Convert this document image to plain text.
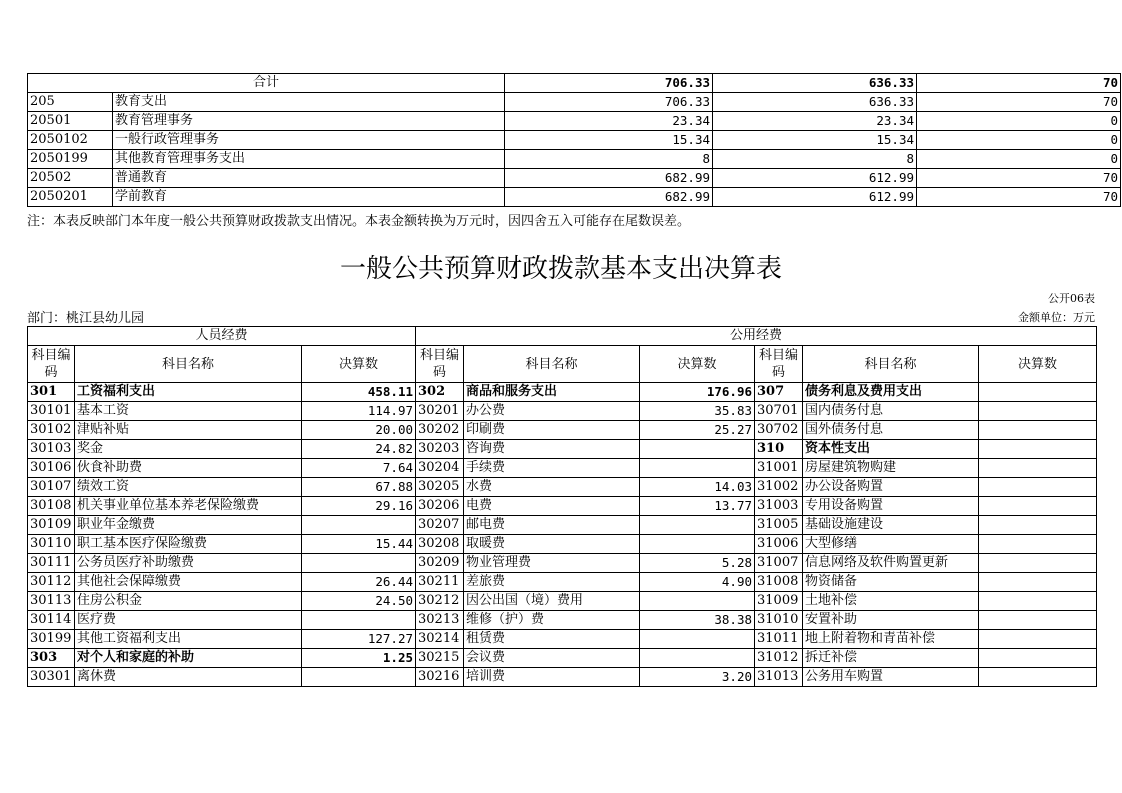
合计		706.33	636.33	70
205	教育支出	706.33	636.33	70
20501	教育管理事务	23.34	23.34	0
2050102	一般行政管理事务	15.34	15.34	0
2050199	其他教育管理事务支出	8	8	0
20502	普通教育	682.99	612.99	70
2050201	学前教育	682.99	612.99	70
注：本表反映部门本年度一般公共预算财政拨款支出情况。本表金额转换为万元时，因四舍五入可能存在尾数误差。
一般公共预算财政拨款基本支出决算表
公开06表
部门：桃江县幼儿园	金额单位：万元
人员经费			公用经费					
科目编码	科目名称	决算数	科目编码	科目名称	决算数	科目编码	科目名称	决算数
301	工资福利支出	458.11	302	商品和服务支出	176.96	307	债务利息及费用支出	
30101	基本工资	114.97	30201	办公费	35.83	30701	国内债务付息	
30102	津贴补贴	20.00	30202	印刷费	25.27	30702	国外债务付息	
30103	奖金	24.82	30203	咨询费		310	资本性支出	
30106	伙食补助费	7.64	30204	手续费		31001	房屋建筑物购建	
30107	绩效工资	67.88	30205	水费	14.03	31002	办公设备购置	
30108	机关事业单位基本养老保险缴费	29.16	30206	电费	13.77	31003	专用设备购置	
30109	职业年金缴费		30207	邮电费		31005	基础设施建设	
30110	职工基本医疗保险缴费	15.44	30208	取暖费		31006	大型修缮	
30111	公务员医疗补助缴费		30209	物业管理费	5.28	31007	信息网络及软件购置更新	
30112	其他社会保障缴费	26.44	30211	差旅费	4.90	31008	物资储备	
30113	住房公积金	24.50	30212	因公出国（境）费用		31009	土地补偿	
30114	医疗费		30213	维修（护）费	38.38	31010	安置补助	
30199	其他工资福利支出	127.27	30214	租赁费		31011	地上附着物和青苗补偿	
303	对个人和家庭的补助	1.25	30215	会议费		31012	拆迁补偿	
30301	离休费		30216	培训费	3.20	31013	公务用车购置	
